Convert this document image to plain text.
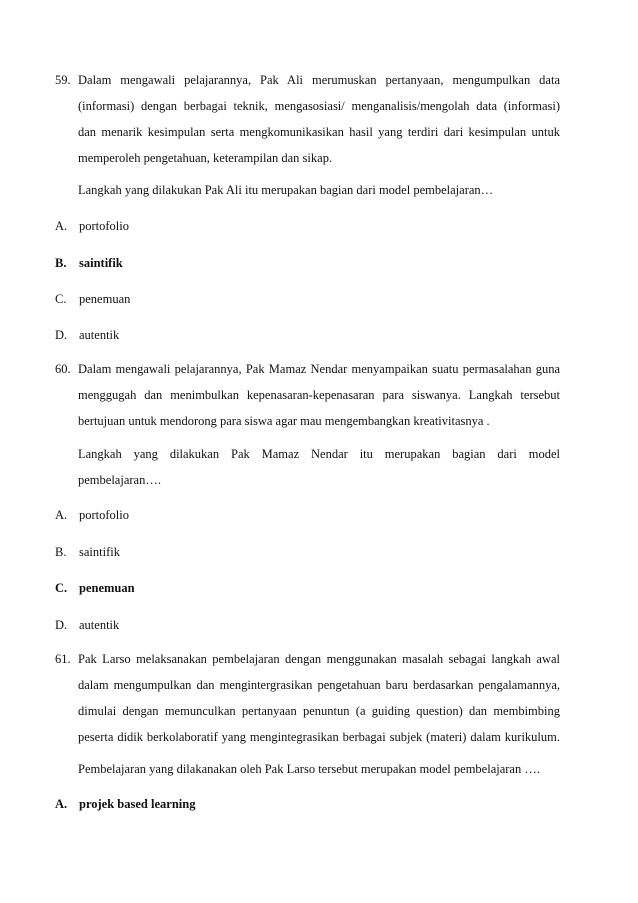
59. Dalam mengawali pelajarannya, Pak Ali merumuskan pertanyaan, mengumpulkan data
(informasi) dengan berbagai teknik, mengasosiasi/ menganalisis/mengolah data (informasi)
dan menarik kesimpulan serta mengkomunikasikan hasil yang terdiri dari kesimpulan untuk
memperoleh pengetahuan, keterampilan dan sikap.
Langkah yang dilakukan Pak Ali itu merupakan bagian dari model pembelajaran…
A. portofolio
B. saintifik
C. penemuan
D. autentik
60. Dalam mengawali pelajarannya, Pak Mamaz Nendar menyampaikan suatu permasalahan guna
menggugah dan menimbulkan kepenasaran-kepenasaran para siswanya. Langkah tersebut
bertujuan untuk mendorong para siswa agar mau mengembangkan kreativitasnya .
Langkah yang dilakukan Pak Mamaz Nendar itu merupakan bagian dari model
pembelajaran….
A. portofolio
B. saintifik
C. penemuan
D. autentik
61. Pak Larso melaksanakan pembelajaran dengan menggunakan masalah sebagai langkah awal
dalam mengumpulkan dan mengintergrasikan pengetahuan baru berdasarkan pengalamannya,
dimulai dengan memunculkan pertanyaan penuntun (a guiding question) dan membimbing
peserta didik berkolaboratif yang mengintegrasikan berbagai subjek (materi) dalam kurikulum.
Pembelajaran yang dilakanakan oleh Pak Larso tersebut merupakan model pembelajaran ….
A. projek based learning
